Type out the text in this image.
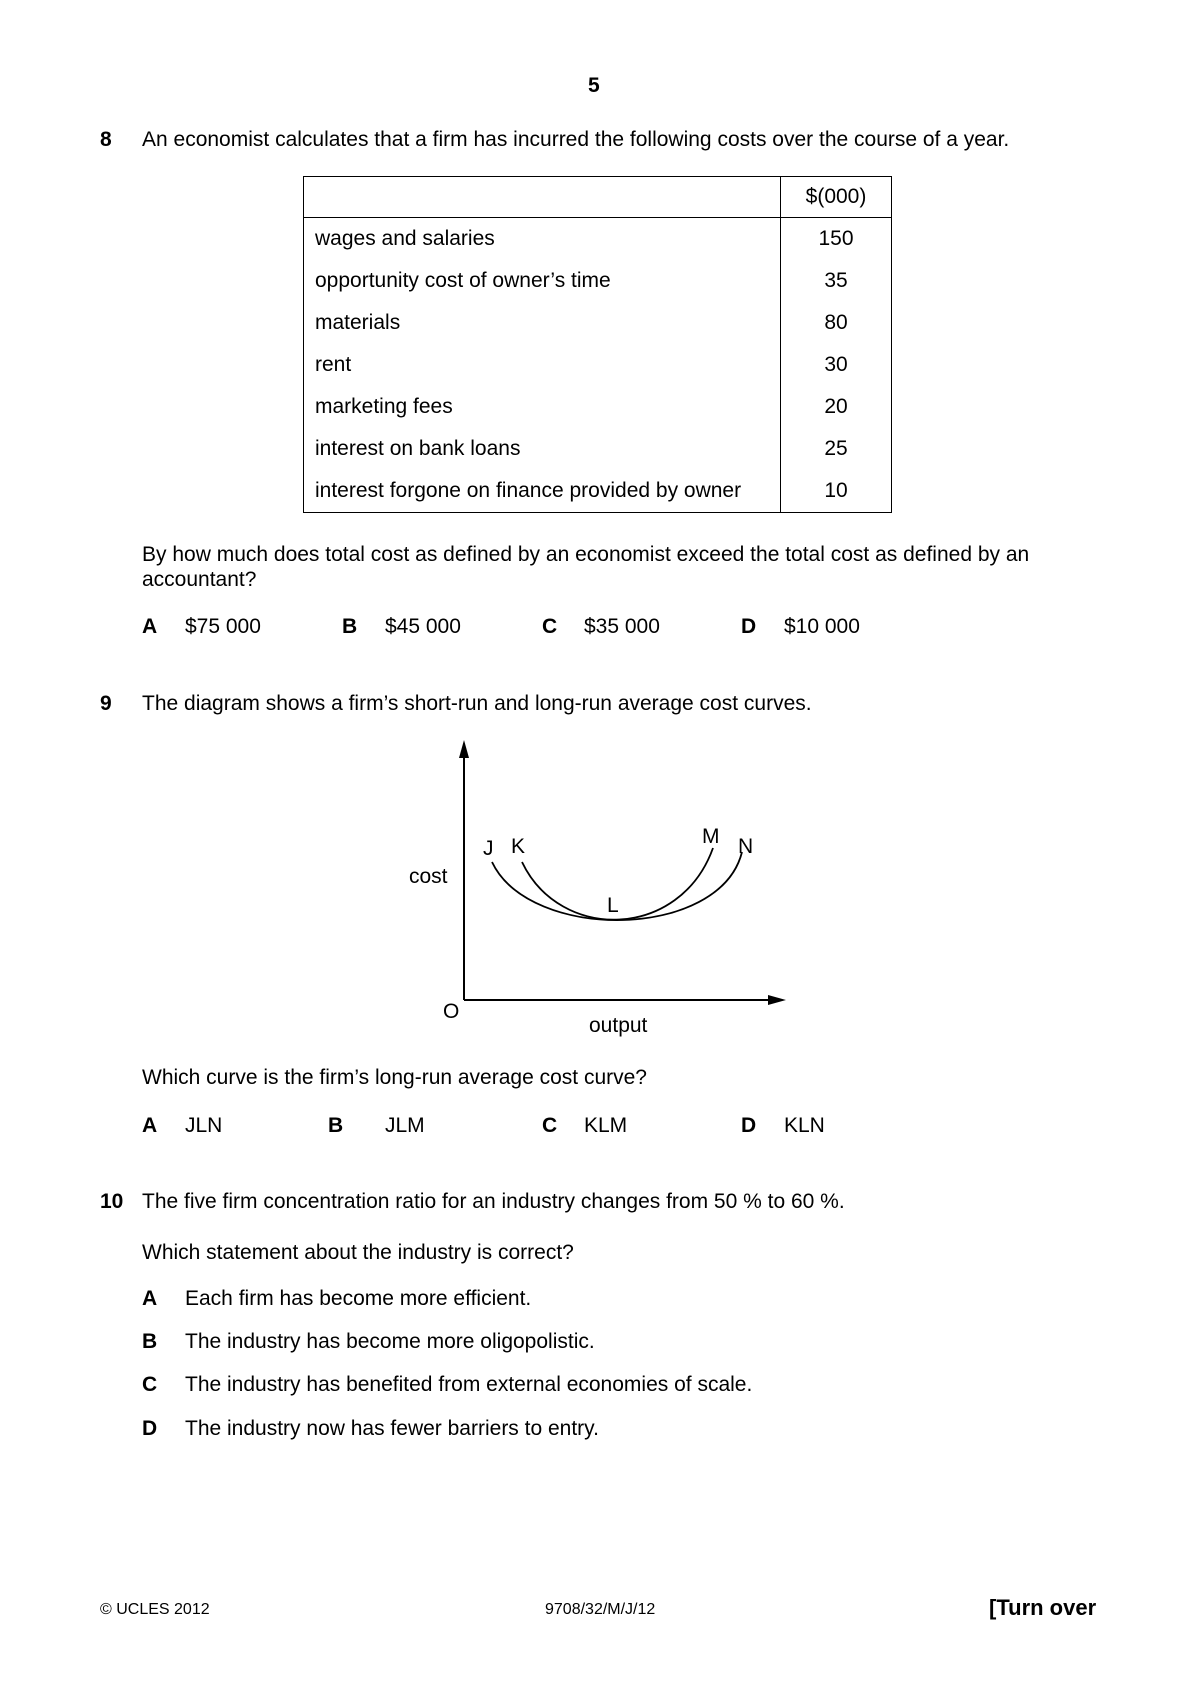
5
8 An economist calculates that a firm has incurred the following costs over the course of a year.
	$(000)
wages and salaries	150
opportunity cost of owner’s time	35
materials	80
rent	30
marketing fees	20
interest on bank loans	25
interest forgone on finance provided by owner	10
By how much does total cost as defined by an economist exceed the total cost as defined by an
accountant?
A $75 000	B $45 000	C $35 000	D $10 000
9 The diagram shows a firm’s short-run and long-run average cost curves.
cost
output
O
J K
L
M N
Which curve is the firm’s long-run average cost curve?
A JLN	B JLM	C KLM	D KLN
10 The five firm concentration ratio for an industry changes from 50 % to 60 %.
Which statement about the industry is correct?
A Each firm has become more efficient.
B The industry has become more oligopolistic.
C The industry has benefited from external economies of scale.
D The industry now has fewer barriers to entry.
© UCLES 2012	9708/32/M/J/12	[Turn over
